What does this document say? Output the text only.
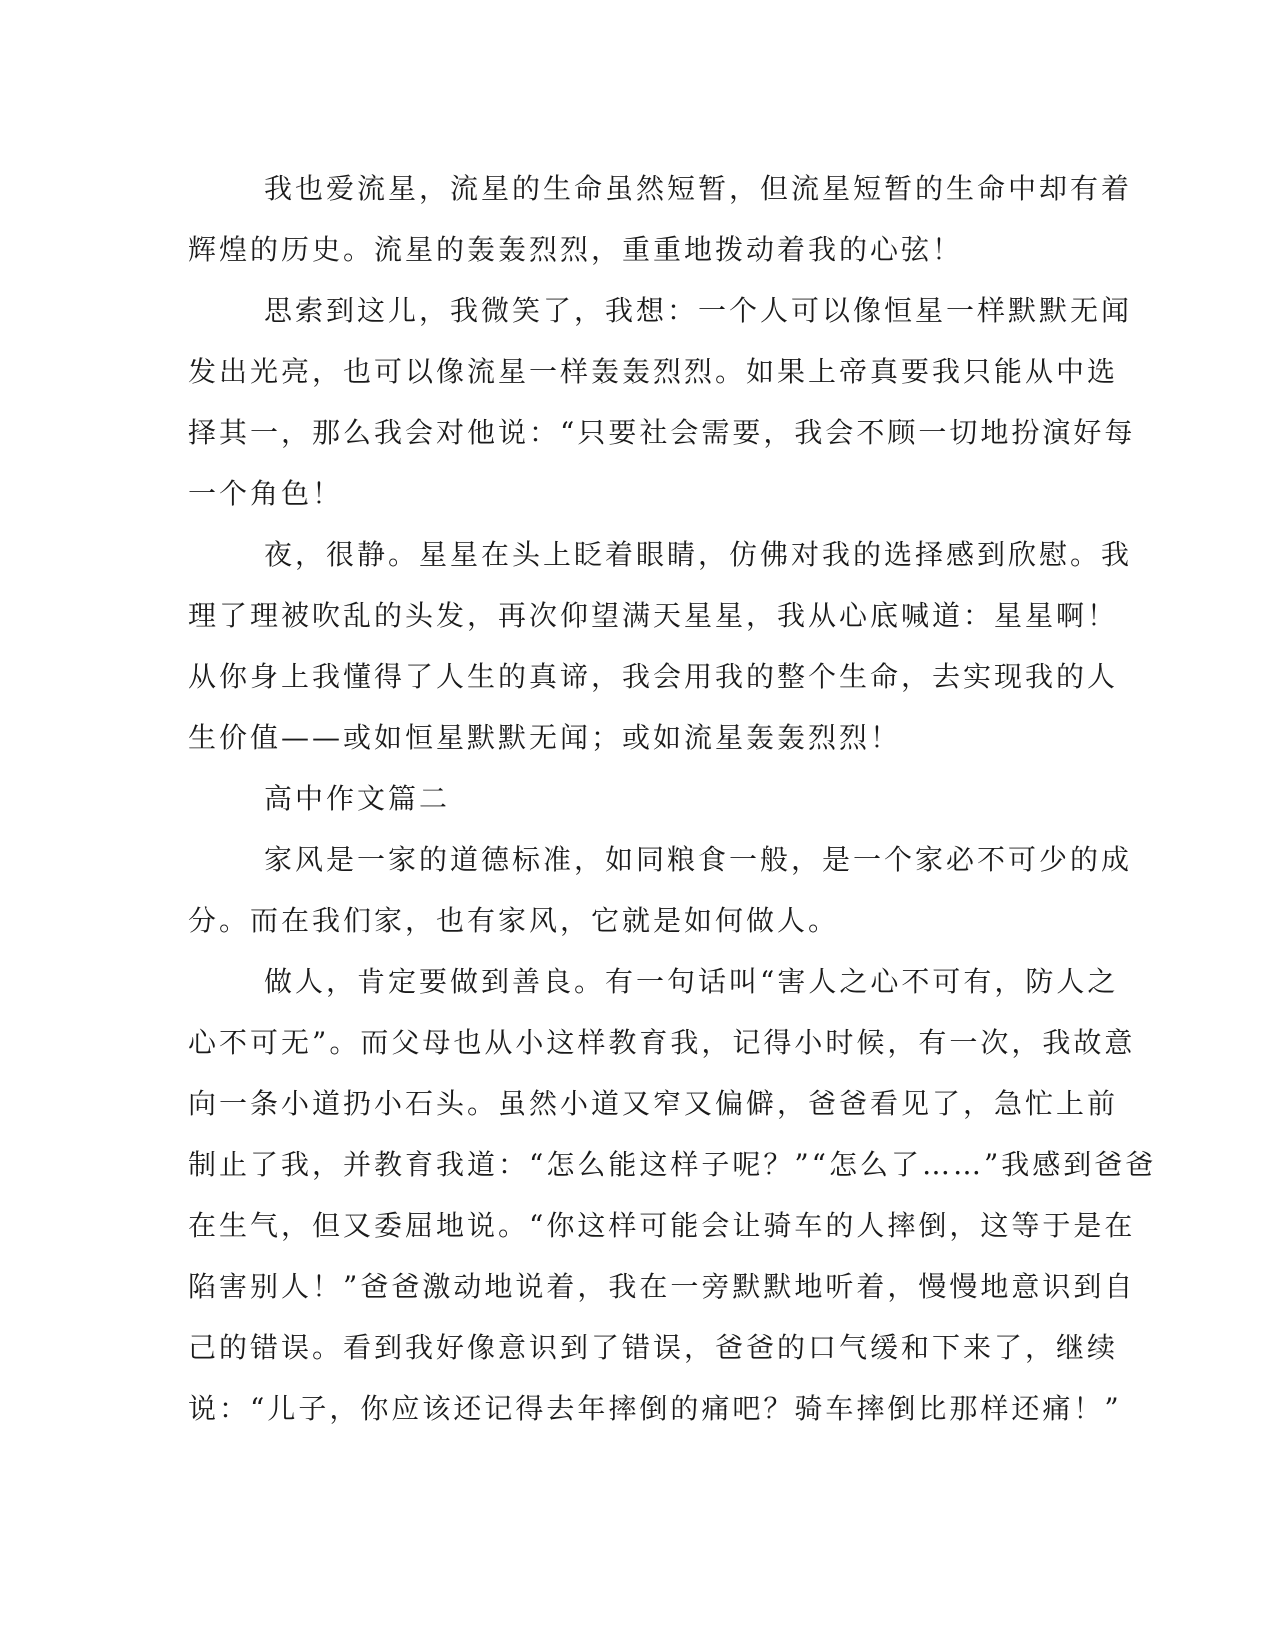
我也爱流星，流星的生命虽然短暂，但流星短暂的生命中却有着
辉煌的历史。流星的轰轰烈烈，重重地拨动着我的心弦！
思索到这儿，我微笑了，我想：一个人可以像恒星一样默默无闻
发出光亮，也可以像流星一样轰轰烈烈。如果上帝真要我只能从中选
择其一，那么我会对他说：“只要社会需要，我会不顾一切地扮演好每
一个角色！
夜，很静。星星在头上眨着眼睛，仿佛对我的选择感到欣慰。我
理了理被吹乱的头发，再次仰望满天星星，我从心底喊道：星星啊！
从你身上我懂得了人生的真谛，我会用我的整个生命，去实现我的人
生价值——或如恒星默默无闻；或如流星轰轰烈烈！
高中作文篇二
家风是一家的道德标准，如同粮食一般，是一个家必不可少的成
分。而在我们家，也有家风，它就是如何做人。
做人，肯定要做到善良。有一句话叫“害人之心不可有，防人之
心不可无”。而父母也从小这样教育我，记得小时候，有一次，我故意
向一条小道扔小石头。虽然小道又窄又偏僻，爸爸看见了，急忙上前
制止了我，并教育我道：“怎么能这样子呢？”“怎么了……”我感到爸爸
在生气，但又委屈地说。“你这样可能会让骑车的人摔倒，这等于是在
陷害别人！”爸爸激动地说着，我在一旁默默地听着，慢慢地意识到自
己的错误。看到我好像意识到了错误，爸爸的口气缓和下来了，继续
说：“儿子，你应该还记得去年摔倒的痛吧？骑车摔倒比那样还痛！”
